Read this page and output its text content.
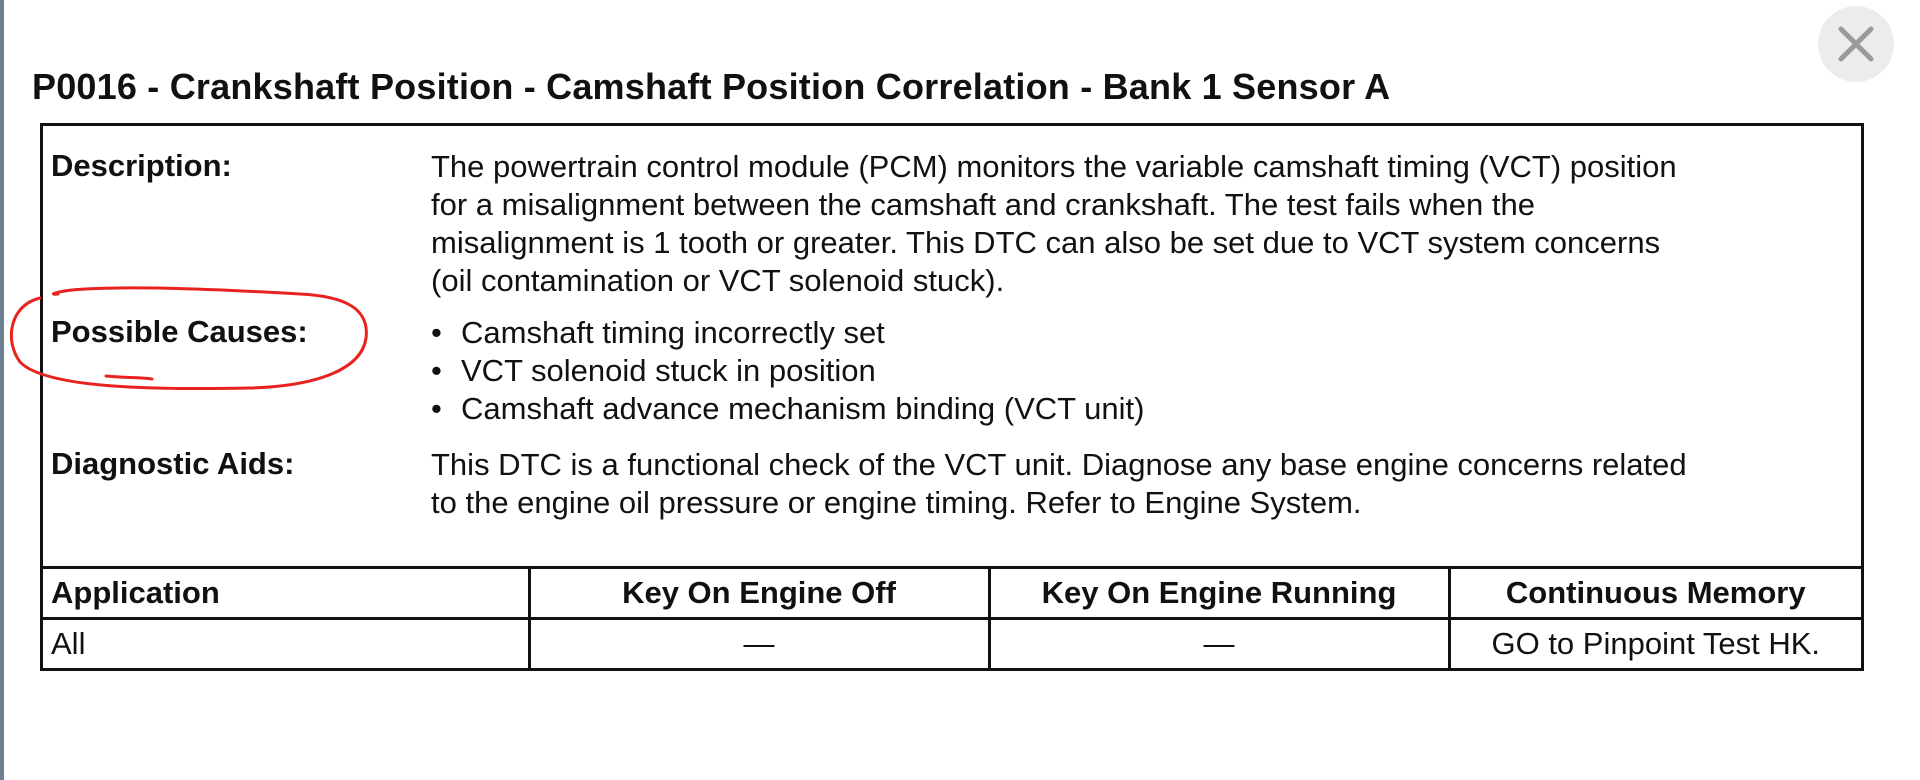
P0016 - Crankshaft Position - Camshaft Position Correlation - Bank 1 Sensor A
Description:	The powertrain control module (PCM) monitors the variable camshaft timing (VCT) position

for a misalignment between the camshaft and crankshaft. The test fails when the

misalignment is 1 tooth or greater. This DTC can also be set due to VCT system concerns

(oil contamination or VCT solenoid stuck).

Possible Causes:	• Camshaft timing incorrectly set
• VCT solenoid stuck in position
• Camshaft advance mechanism binding (VCT unit)
Diagnostic Aids:	This DTC is a functional check of the VCT unit. Diagnose any base engine concerns related

to the engine oil pressure or engine timing. Refer to Engine System.

Application	Key On Engine Off	Key On Engine Running	Continuous Memory
All	—	—	GO to Pinpoint Test HK.
